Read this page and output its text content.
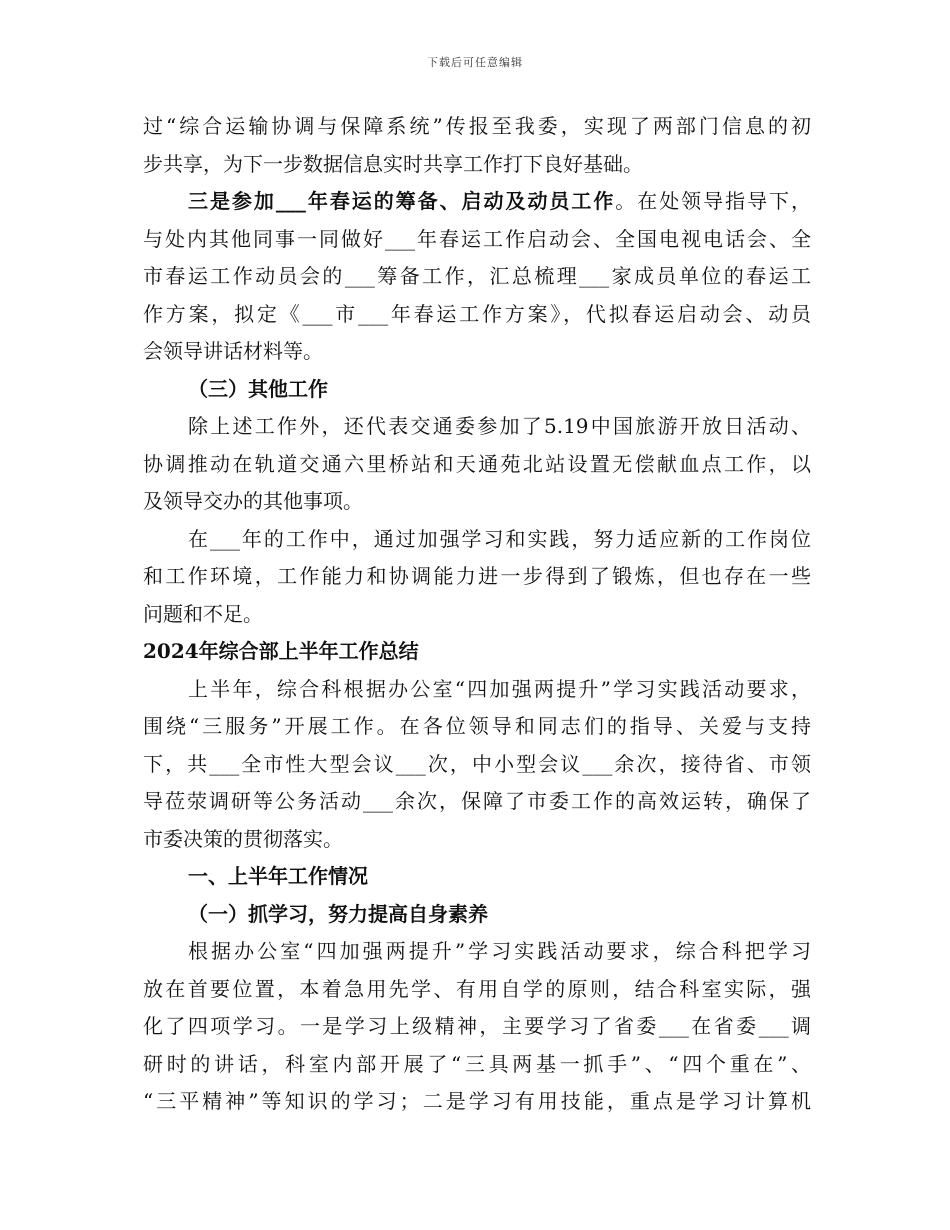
下载后可任意编辑
过“综合运输协调与保障系统”传报至我委，实现了两部门信息的初
步共享，为下一步数据信息实时共享工作打下良好基础。
三是参加___年春运的筹备、启动及动员工作。在处领导指导下，
与处内其他同事一同做好___年春运工作启动会、全国电视电话会、全
市春运工作动员会的___筹备工作，汇总梳理___家成员单位的春运工
作方案，拟定《___市___年春运工作方案》，代拟春运启动会、动员
会领导讲话材料等。
（三）其他工作
除上述工作外，还代表交通委参加了5.19中国旅游开放日活动、
协调推动在轨道交通六里桥站和天通苑北站设置无偿献血点工作，以
及领导交办的其他事项。
在___年的工作中，通过加强学习和实践，努力适应新的工作岗位
和工作环境，工作能力和协调能力进一步得到了锻炼，但也存在一些
问题和不足。
2024年综合部上半年工作总结
上半年，综合科根据办公室“四加强两提升”学习实践活动要求，
围绕“三服务”开展工作。在各位领导和同志们的指导、关爱与支持
下，共___全市性大型会议___次，中小型会议___余次，接待省、市领
导莅荥调研等公务活动___余次，保障了市委工作的高效运转，确保了
市委决策的贯彻落实。
一、上半年工作情况
（一）抓学习，努力提高自身素养
根据办公室“四加强两提升”学习实践活动要求，综合科把学习
放在首要位置，本着急用先学、有用自学的原则，结合科室实际，强
化了四项学习。一是学习上级精神，主要学习了省委___在省委___调
研时的讲话，科室内部开展了“三具两基一抓手”、“四个重在”、
“三平精神”等知识的学习；二是学习有用技能，重点是学习计算机
